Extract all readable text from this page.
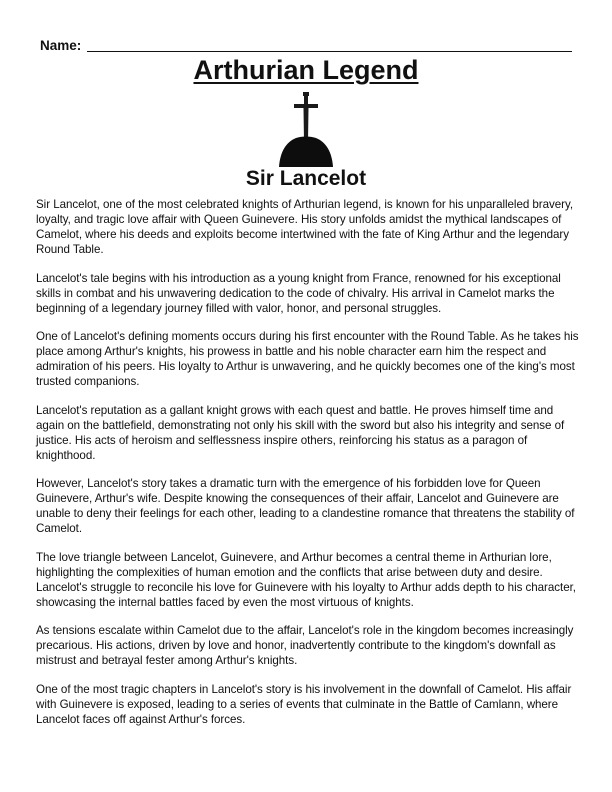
Name:
Arthurian Legend
Sir Lancelot

Sir Lancelot, one of the most celebrated knights of Arthurian legend, is known for his unparalleled bravery, loyalty, and tragic love affair with Queen Guinevere. His story unfolds amidst the mythical landscapes of Camelot, where his deeds and exploits become intertwined with the fate of King Arthur and the legendary Round Table.

Lancelot's tale begins with his introduction as a young knight from France, renowned for his exceptional skills in combat and his unwavering dedication to the code of chivalry. His arrival in Camelot marks the beginning of a legendary journey filled with valor, honor, and personal struggles.

One of Lancelot's defining moments occurs during his first encounter with the Round Table. As he takes his place among Arthur's knights, his prowess in battle and his noble character earn him the respect and admiration of his peers. His loyalty to Arthur is unwavering, and he quickly becomes one of the king's most trusted companions.

Lancelot's reputation as a gallant knight grows with each quest and battle. He proves himself time and again on the battlefield, demonstrating not only his skill with the sword but also his integrity and sense of justice. His acts of heroism and selflessness inspire others, reinforcing his status as a paragon of knighthood.

However, Lancelot's story takes a dramatic turn with the emergence of his forbidden love for Queen Guinevere, Arthur's wife. Despite knowing the consequences of their affair, Lancelot and Guinevere are unable to deny their feelings for each other, leading to a clandestine romance that threatens the stability of Camelot.

The love triangle between Lancelot, Guinevere, and Arthur becomes a central theme in Arthurian lore, highlighting the complexities of human emotion and the conflicts that arise between duty and desire. Lancelot's struggle to reconcile his love for Guinevere with his loyalty to Arthur adds depth to his character, showcasing the internal battles faced by even the most virtuous of knights.

As tensions escalate within Camelot due to the affair, Lancelot's role in the kingdom becomes increasingly precarious. His actions, driven by love and honor, inadvertently contribute to the kingdom's downfall as mistrust and betrayal fester among Arthur's knights.

One of the most tragic chapters in Lancelot's story is his involvement in the downfall of Camelot. His affair with Guinevere is exposed, leading to a series of events that culminate in the Battle of Camlann, where Lancelot faces off against Arthur's forces.
